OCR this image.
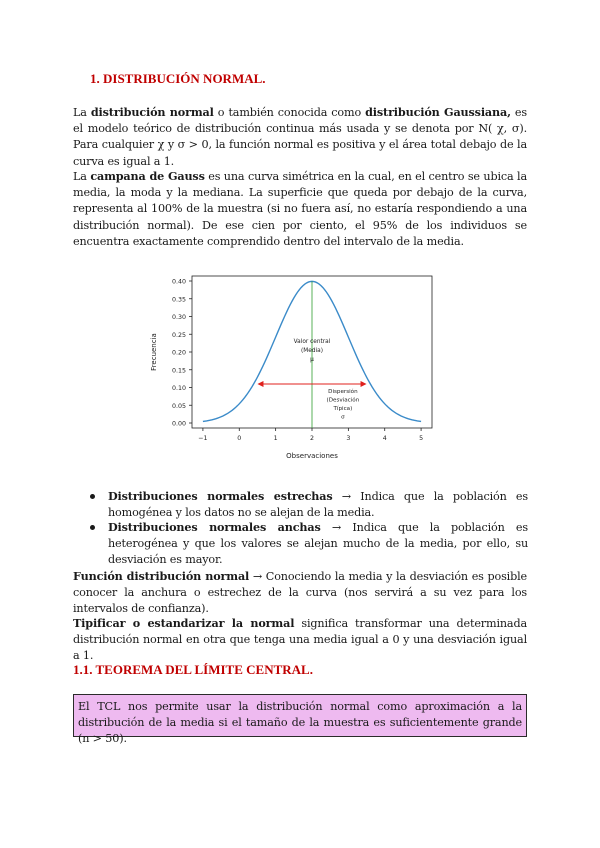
1. DISTRIBUCIÓN NORMAL.
La distribución normal o también conocida como distribución Gaussiana, es el modelo teórico de distribución continua más usada y se denota por N( χ, σ). Para cualquier χ y σ > 0, la función normal es positiva y el área total debajo de la curva es igual a 1.
La campana de Gauss es una curva simétrica en la cual, en el centro se ubica la media, la moda y la mediana. La superficie que queda por debajo de la curva, representa al 100% de la muestra (si no fuera así, no estaría respondiendo a una distribución normal). De ese cien por ciento, el 95% de los individuos se encuentra exactamente comprendido dentro del intervalo de la media.
0.00
0.05
0.10
0.15
0.20
0.25
0.30
0.35
0.40
−1	0	1	2	3	4	5
Observaciones
Frecuencia	Valor central
(Media)
μ
Dispersión
(Desviación
Típica)
σ
Distribuciones normales estrechas → Indica que la población es homogénea y los datos no se alejan de la media.
Distribuciones normales anchas → Indica que la población es heterogénea y que los valores se alejan mucho de la media, por ello, su desviación es mayor.
Función distribución normal → Conociendo la media y la desviación es posible conocer la anchura o estrechez de la curva (nos servirá a su vez para los intervalos de confianza).
Tipificar o estandarizar la normal significa transformar una determinada distribución normal en otra que tenga una media igual a 0 y una desviación igual a 1.
1.1. TEOREMA DEL LÍMITE CENTRAL.
El TCL nos permite usar la distribución normal como aproximación a la distribución de la media si el tamaño de la muestra es suficientemente grande (n > 50).
